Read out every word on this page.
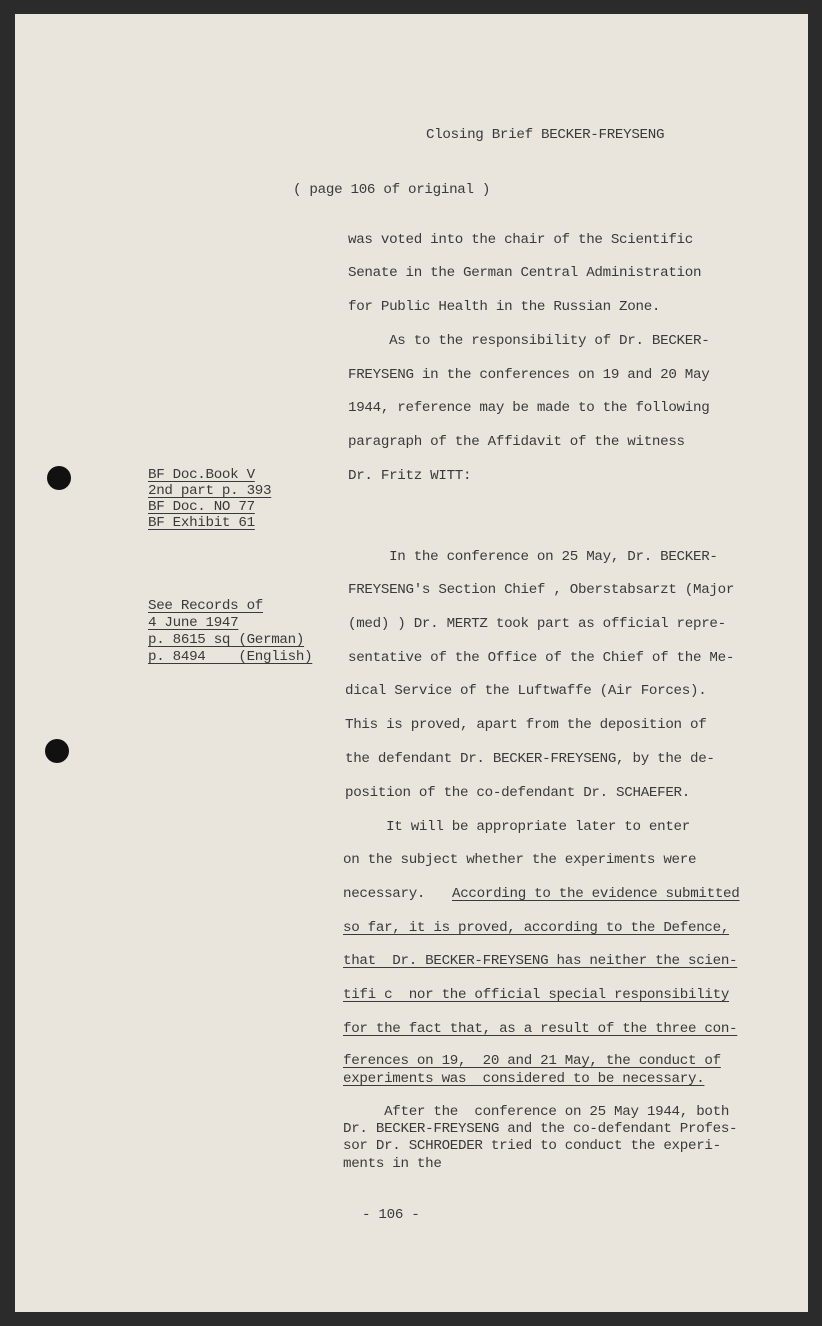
Closing Brief BECKER-FREYSENG
( page 106 of original )
BF Doc.Book V
2nd part p. 393
BF Doc. NO 77
BF Exhibit 61
See Records of
4 June 1947
p. 8615 sq (German)
p. 8494    (English)
was voted into the chair of the Scientific
Senate in the German Central Administration
for Public Health in the Russian Zone.
As to the responsibility of Dr. BECKER-
FREYSENG in the conferences on 19 and 20 May
1944, reference may be made to the following
paragraph of the Affidavit of the witness
Dr. Fritz WITT:
In the conference on 25 May, Dr. BECKER-
FREYSENG's Section Chief , Oberstabsarzt (Major
(med) ) Dr. MERTZ took part as official repre-
sentative of the Office of the Chief of the Me-
dical Service of the Luftwaffe (Air Forces).
This is proved, apart from the deposition of
the defendant Dr. BECKER-FREYSENG, by the de-
position of the co-defendant Dr. SCHAEFER.
It will be appropriate later to enter
on the subject whether the experiments were
necessary. According to the evidence submitted
so far, it is proved, according to the Defence,
that  Dr. BECKER-FREYSENG has neither the scien-
tifi c  nor the official special responsibility
for the fact that, as a result of the three con-
ferences on 19,  20 and 21 May, the conduct of
experiments was  considered to be necessary.
After the  conference on 25 May 1944, both
Dr. BECKER-FREYSENG and the co-defendant Profes-
sor Dr. SCHROEDER tried to conduct the experi-
ments in the
- 106 -
